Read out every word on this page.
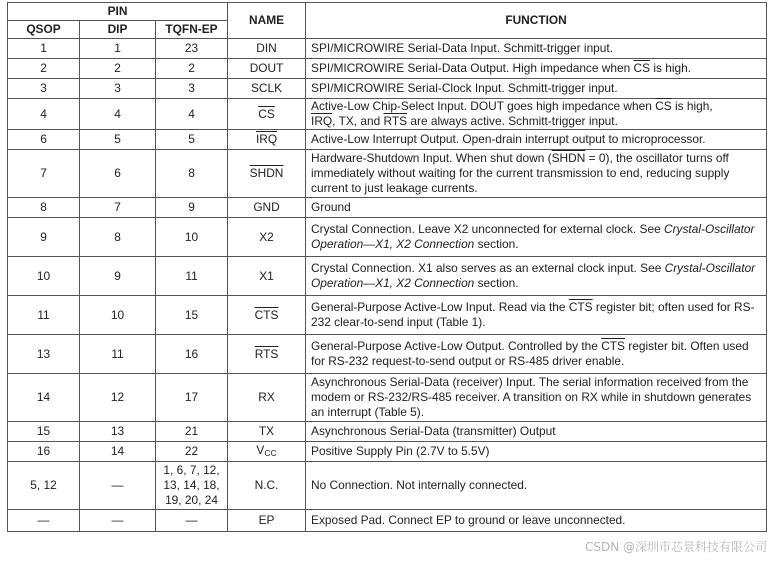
PIN			NAME	FUNCTION
QSOP	DIP	TQFN-EP		
1	1	23	DIN	SPI/MICROWIRE Serial-Data Input. Schmitt-trigger input.
2	2	2	DOUT	SPI/MICROWIRE Serial-Data Output. High impedance when $\overline{CS}$ is high.
3	3	3	SCLK	SPI/MICROWIRE Serial-Clock Input. Schmitt-trigger input.
4	4	4	$\overline{CS}$	Active-Low Chip-Select Input. DOUT goes high impedance when $\overline{CS}$ is high,
$\overline{IRQ}$, TX, and $\overline{RTS}$ are always active. Schmitt-trigger input.
6	5	5	$\overline{IRQ}$	Active-Low Interrupt Output. Open-drain interrupt output to microprocessor.
7	6	8	SHDN	Hardware-Shutdown Input. When shut down (SHDN = 0), the oscillator turns off immediately without waiting for the current transmission to end, reducing supply current to just leakage currents.
8	7	9	GND	Ground
9	8	10	X2	Crystal Connection. Leave X2 unconnected for external clock. See Crystal-Oscillator Operation—X1, X2 Connection section.
10	9	11	X1	Crystal Connection. X1 also serves as an external clock input. See Crystal-Oscillator Operation—X1, X2 Connection section.
11	10	15	$\overline{CTS}$	General-Purpose Active-Low Input. Read via the $\overline{CTS}$ register bit; often used for RS-232 clear-to-send input (Table 1).
13	11	16	$\overline{RTS}$	General-Purpose Active-Low Output. Controlled by the $\overline{CTS}$ register bit. Often used for RS-232 request-to-send output or RS-485 driver enable.
14	12	17	RX	Asynchronous Serial-Data (receiver) Input. The serial information received from the modem or RS-232/RS-485 receiver. A transition on RX while in shutdown generates an interrupt (Table 5).
15	13	21	TX	Asynchronous Serial-Data (transmitter) Output
16	14	22	$V_{CC}$	Positive Supply Pin (2.7V to 5.5V)
5, 12	—	1, 6, 7, 12, 13, 14, 18, 19, 20, 24	N.C.	No Connection. Not internally connected.
—	—	—	EP	Exposed Pad. Connect EP to ground or leave unconnected.
CSDN @深圳市芯景科技有限公司
